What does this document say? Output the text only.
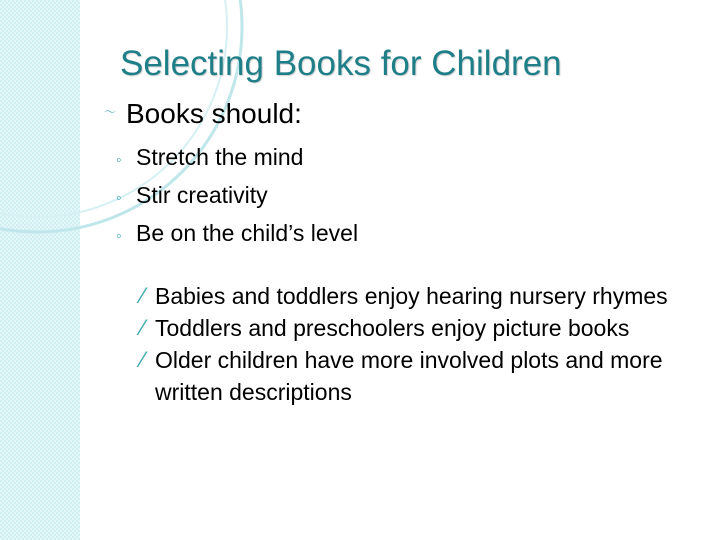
Selecting Books for Children
〜 Books should:
◦ Stretch the mind
◦ Stir creativity
◦ Be on the child’s level
⁄ Babies and toddlers enjoy hearing nursery rhymes
⁄ Toddlers and preschoolers enjoy picture books
⁄ Older children have more involved plots and more written descriptions
